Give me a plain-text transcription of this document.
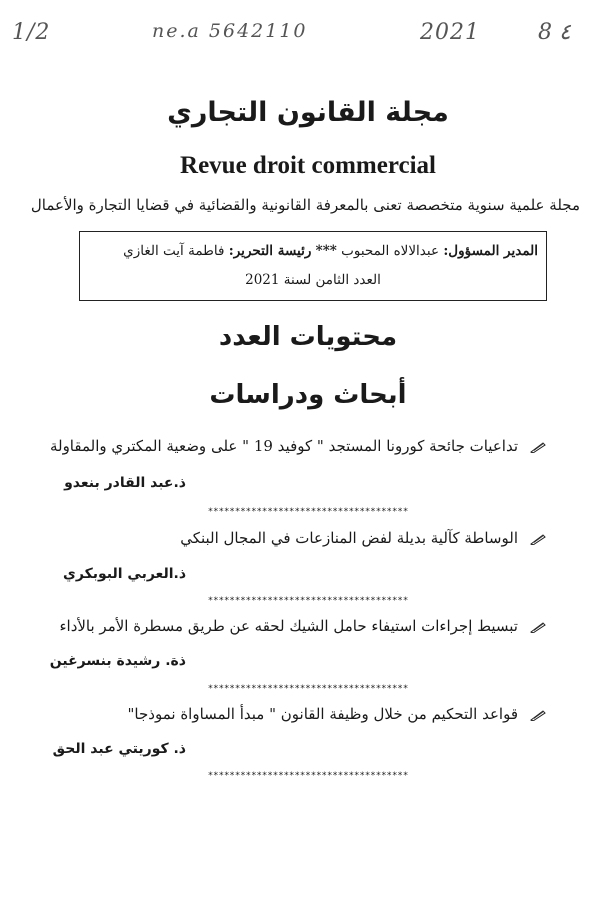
1/2	ne.a 5642110	2021	8 ٤
مجلة القانون التجاري
Revue droit commercial
مجلة علمية سنوية متخصصة تعنى بالمعرفة القانونية والقضائية في قضايا التجارة والأعمال
المدير المسؤول: عبدالالاه المحبوب *** رئيسة التحرير: فاطمة آيت الغازي
العدد الثامن لسنة 2021
محتويات العدد
أبحاث ودراسات
تداعيات جائحة كورونا المستجد " كوفيد 19 " على وضعية المكتري والمقاولة
ذ.عبد القادر بنعدو
*************************************
الوساطة كآلية بديلة لفض المنازعات في المجال البنكي
ذ.العربي البوبكري
*************************************
تبسيط إجراءات استيفاء حامل الشيك لحقه عن طريق مسطرة الأمر بالأداء
ذة. رشيدة بنسرغين
*************************************
قواعد التحكيم من خلال وظيفة القانون " مبدأ المساواة نموذجا"
ذ. كوريتي عبد الحق
*************************************
